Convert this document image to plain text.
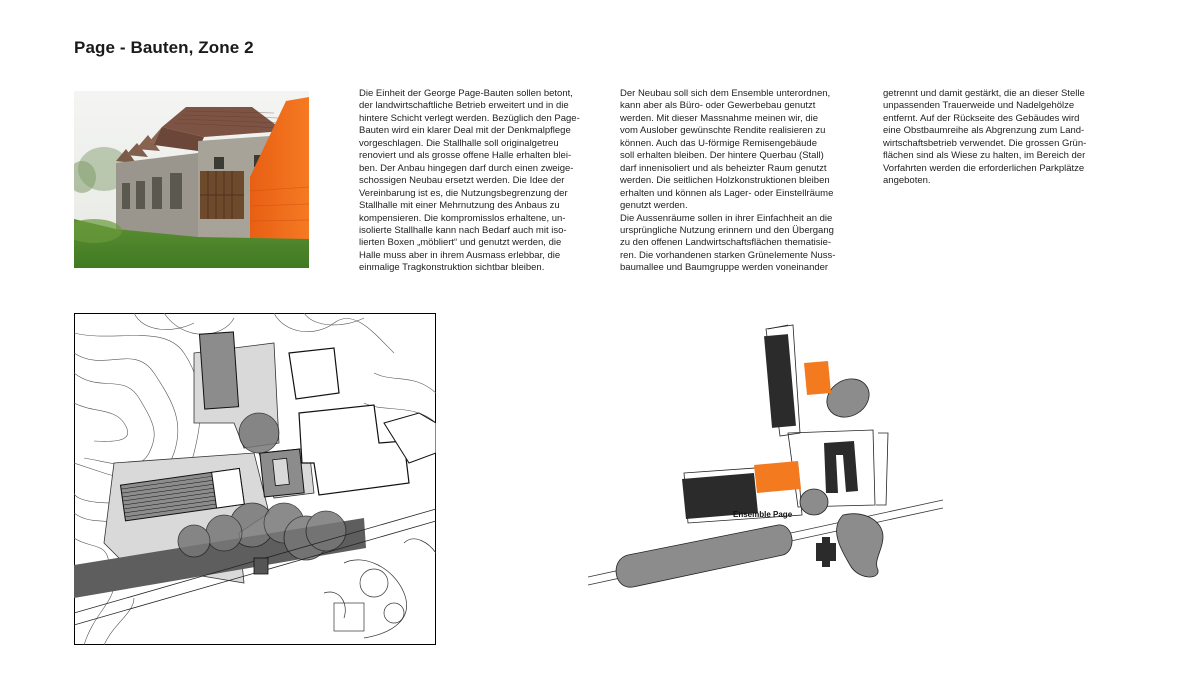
Page - Bauten, Zone 2
Die Einheit der George Page-Bauten sollen betont,
der landwirtschaftliche Betrieb erweitert und in die
hintere Schicht verlegt werden. Bezüglich den Page-
Bauten wird ein klarer Deal mit der Denkmalpflege
vorgeschlagen. Die Stallhalle soll originalgetreu
renoviert und als grosse offene Halle erhalten blei-
ben. Der Anbau hingegen darf durch einen zweige-
schossigen Neubau ersetzt werden. Die Idee der
Vereinbarung ist es, die Nutzungsbegrenzung der
Stallhalle mit einer Mehrnutzung des Anbaus zu
kompensieren. Die kompromisslos erhaltene, un-
isolierte Stallhalle kann nach Bedarf auch mit iso-
lierten Boxen „möbliert“ und genutzt werden, die
Halle muss aber in ihrem Ausmass erlebbar, die
einmalige Tragkonstruktion sichtbar bleiben.
Der Neubau soll sich dem Ensemble unterordnen,
kann aber als Büro- oder Gewerbebau genutzt
werden. Mit dieser Massnahme meinen wir, die
vom Auslober gewünschte Rendite realisieren zu
können. Auch das U-förmige Remisengebäude
soll erhalten bleiben. Der hintere Querbau (Stall)
darf innenisoliert und als beheizter Raum genutzt
werden. Die seitlichen Holzkonstruktionen bleiben
erhalten und können als Lager- oder Einstellräume
genutzt werden.
Die Aussenräume sollen in ihrer Einfachheit an die
ursprüngliche Nutzung erinnern und den Übergang
zu den offenen Landwirtschaftsflächen thematisie-
ren. Die vorhandenen starken Grünelemente Nuss-
baumallee und Baumgruppe werden voneinander
getrennt und damit gestärkt, die an dieser Stelle
unpassenden Trauerweide und Nadelgehölze
entfernt. Auf der Rückseite des Gebäudes wird
eine Obstbaumreihe als Abgrenzung zum Land-
wirtschaftsbetrieb verwendet. Die grossen Grün-
flächen sind als Wiese zu halten, im Bereich der
Vorfahrten werden die erforderlichen Parkplätze
angeboten.
Ensemble Page
